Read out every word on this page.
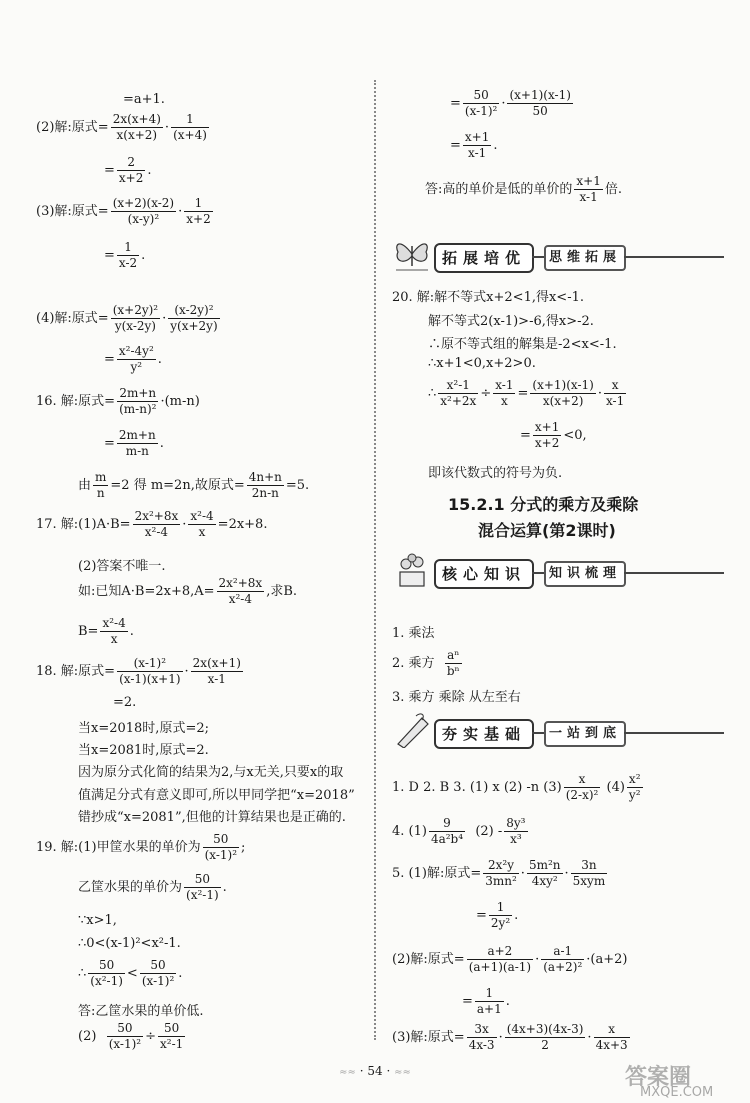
=a+1.
(2)解:原式= $\frac{2x(x+4)}{x(x+2)} \cdot \frac{1}{(x+4)}$
= $\frac{2}{x+2}$ .
(3)解:原式= $\frac{(x+2)(x-2)}{\text{(x-y)²}} \cdot \frac{1}{x+2}$
= $\frac{1}{x-2}$ .
(4)解:原式= $\frac{\text{(x+2y)²}}{y(x-2y)} \cdot \frac{\text{(x-2y)²}}{y(x+2y)}$
= $\frac{\text{x²-4y²}}{\text{y²}}$ .
16. 解:原式= $\frac{2m+n}{\text{(m-n)²}} \cdot(m-n)$
= $\frac{2m+n}{m-n}$ .
由 $\frac{m}{n} =2$ 得 m=2n,故原式= $\frac{4n+n}{2n-n} =5$.
17. 解:(1)A·B= $\frac{\text{2x²+8x}}{\text{x²-4}} \cdot \frac{\text{x²-4}}{x} =2x+8$.
(2)答案不唯一.
如:已知$A\cdot B=2x+8,A= \frac{\text{2x²+8x}}{\text{x²-4}}$ ,求B.
$B= \frac{\text{x²-4}}{x}$ .
18. 解:原式= $\frac{\text{(x-1)²}}{(x-1)(x+1)} \cdot \frac{2x(x+1)}{x-1}$
=2.
当x=2018时,原式=2;
当x=2081时,原式=2.
因为原分式化简的结果为2,与x无关,只要x的取
值满足分式有意义即可,所以甲同学把“x=2018”
错抄成“x=2081”,但他的计算结果也是正确的.
19. 解:(1)甲筐水果的单价为 $\frac{50}{\text{(x-1)²}}$ ;
乙筐水果的单价为 $\frac{50}{\text{(x²-1)}}$ .
∵x>1,
∴0<(x-1)²<x²-1.
∴ $\frac{50}{\text{(x²-1)}} < \frac{50}{\text{(x-1)²}}$ .
答:乙筐水果的单价低.
$(2) \frac{50}{\text{(x-1)²}} \div \frac{50}{\text{x²-1}}$
= $\frac{50}{\text{(x-1)²}} \cdot \frac{(x+1)(x-1)}{50}$
= $\frac{x+1}{x-1}$ .
答:高的单价是低的单价的 $\frac{x+1}{x-1}$ 倍.
拓展培优	思维拓展
20. 解:解不等式x+2<1,得x<-1.
解不等式2(x-1)>-6,得x>-2.
∴原不等式组的解集是-2<x<-1.
∴x+1<0,x+2>0.
∴ $\frac{\text{x²-1}}{\text{x²+2x}} \div \frac{x-1}{x} = \frac{(x+1)(x-1)}{x(x+2)} \cdot \frac{x}{x-1}$
= $\frac{x+1}{x+2} <0$,
即该代数式的符号为负.
15.2.1 分式的乘方及乘除
混合运算(第2课时)
核心知识	知识梳理
1. 乘法
2. 乘方 $\frac{\text{aⁿ}}{\text{bⁿ}}$
3. 乘方 乘除 从左至右
夯实基础	一站到底
1. D 2. B 3. (1) x (2) -n $(3) \frac{x}{\text{(2-x)²}} (4) \frac{\text{x²}}{\text{y²}}$
4. $(1) \frac{9}{\text{4a²b⁴}} (2) - \frac{\text{8y³}}{\text{x³}}$
5. (1)解:原式= $\frac{\text{2x²y}}{\text{3mn²}} \cdot \frac{\text{5m²n}}{\text{4xy²}} \cdot \frac{3n}{\text{5xym}}$
= $\frac{1}{\text{2y²}}$ .
(2)解:原式= $\frac{a+2}{(a+1)(a-1)} \cdot \frac{a-1}{\text{(a+2)²}} \cdot(a+2)$
= $\frac{1}{a+1}$ .
(3)解:原式= $\frac{3x}{4x-3} \cdot \frac{(4x+3)(4x-3)}{2} \cdot \frac{x}{4x+3}$
≈≈ · 54 · ≈≈	答案圈
MXQE.COM
